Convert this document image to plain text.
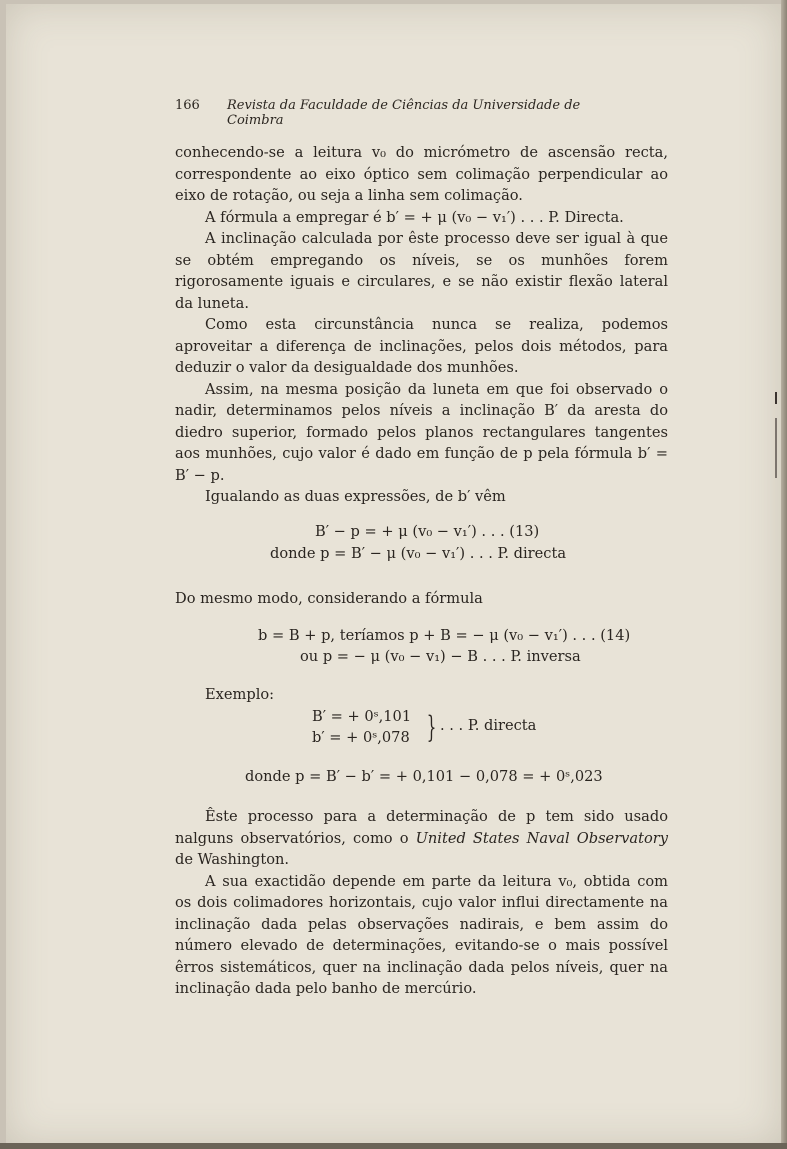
166 Revista da Faculdade de Ciências da Universidade de Coimbra

conhecendo-se a leitura v₀ do micrómetro de ascensão recta, correspondente ao eixo óptico sem colimação perpendicular ao eixo de rotação, ou seja a linha sem colimação.

A fórmula a empregar é b′ = + μ (v₀ − v₁′) . . . P. Directa.

A inclinação calculada por êste processo deve ser igual à que se obtém empregando os níveis, se os munhões forem rigorosamente iguais e circulares, e se não existir flexão lateral da luneta.

Como esta circunstância nunca se realiza, podemos aproveitar a diferença de inclinações, pelos dois métodos, para deduzir o valor da desigualdade dos munhões.

Assim, na mesma posição da luneta em que foi observado o nadir, determinamos pelos níveis a inclinação B′ da aresta do diedro superior, formado pelos planos rectangulares tangentes aos munhões, cujo valor é dado em função de p pela fórmula b′ = B′ − p.

Igualando as duas expressões, de b′ vêm

B′ − p = + μ (v₀ − v₁′) . . . (13)
donde p = B′ − μ (v₀ − v₁′) . . . P. directa

Do mesmo modo, considerando a fórmula

b = B + p, teríamos p + B = − μ (v₀ − v₁′) . . . (14)
ou p = − μ (v₀ − v₁) − B . . . P. inversa
Exemplo:
B′ = + 0ˢ,101
b′ = + 0ˢ,078 } . . . P. directa
donde p = B′ − b′ = + 0,101 − 0,078 = + 0ˢ,023

Êste processo para a determinação de p tem sido usado nalguns observatórios, como o United States Naval Observatory de Washington.

A sua exactidão depende em parte da leitura v₀, obtida com os dois colimadores horizontais, cujo valor influi directamente na inclinação dada pelas observações nadirais, e bem assim do número elevado de determinações, evitando-se o mais possível êrros sistemáticos, quer na inclinação dada pelos níveis, quer na inclinação dada pelo banho de mercúrio.
